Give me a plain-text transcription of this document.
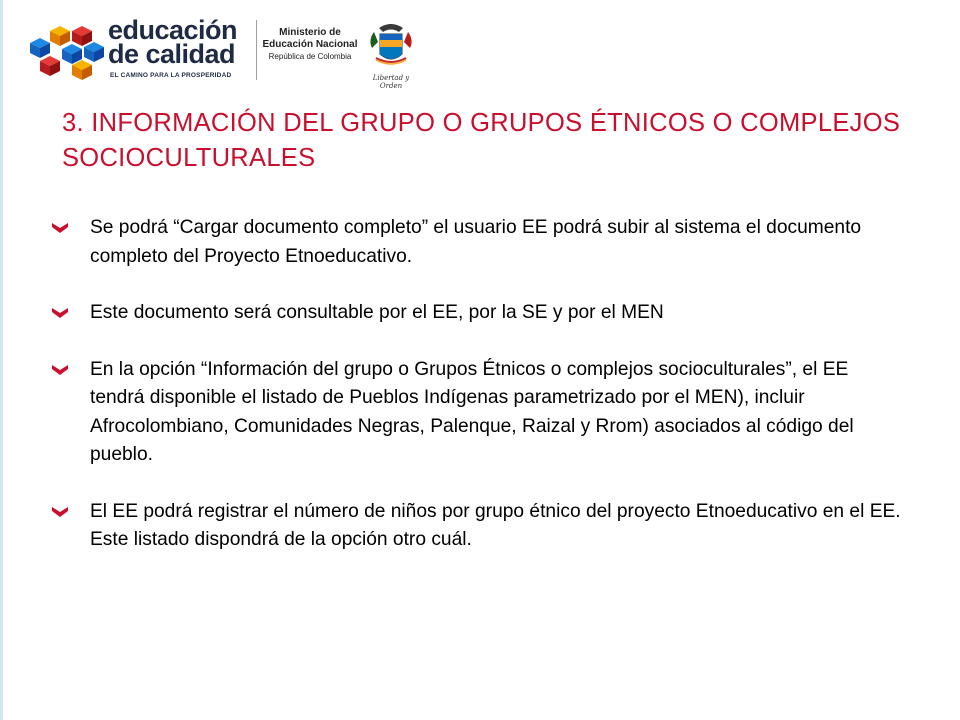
educación
de calidad
EL CAMINO PARA LA PROSPERIDAD
Ministerio de
Educación Nacional
República de Colombia
Libertad y Orden
3. INFORMACIÓN DEL GRUPO O GRUPOS ÉTNICOS O COMPLEJOS SOCIOCULTURALES
Se podrá “Cargar documento completo” el usuario EE podrá subir al sistema el documento completo del Proyecto Etnoeducativo.
Este documento será consultable por el EE, por la SE y por el MEN
En la opción “Información del grupo o Grupos Étnicos o complejos socioculturales”, el EE tendrá disponible el listado de Pueblos Indígenas parametrizado por el MEN), incluir Afrocolombiano, Comunidades Negras, Palenque, Raizal y Rrom) asociados al código del pueblo.
El EE podrá registrar el número de niños por grupo étnico del proyecto Etnoeducativo en el EE. Este listado dispondrá de la opción otro cuál.
